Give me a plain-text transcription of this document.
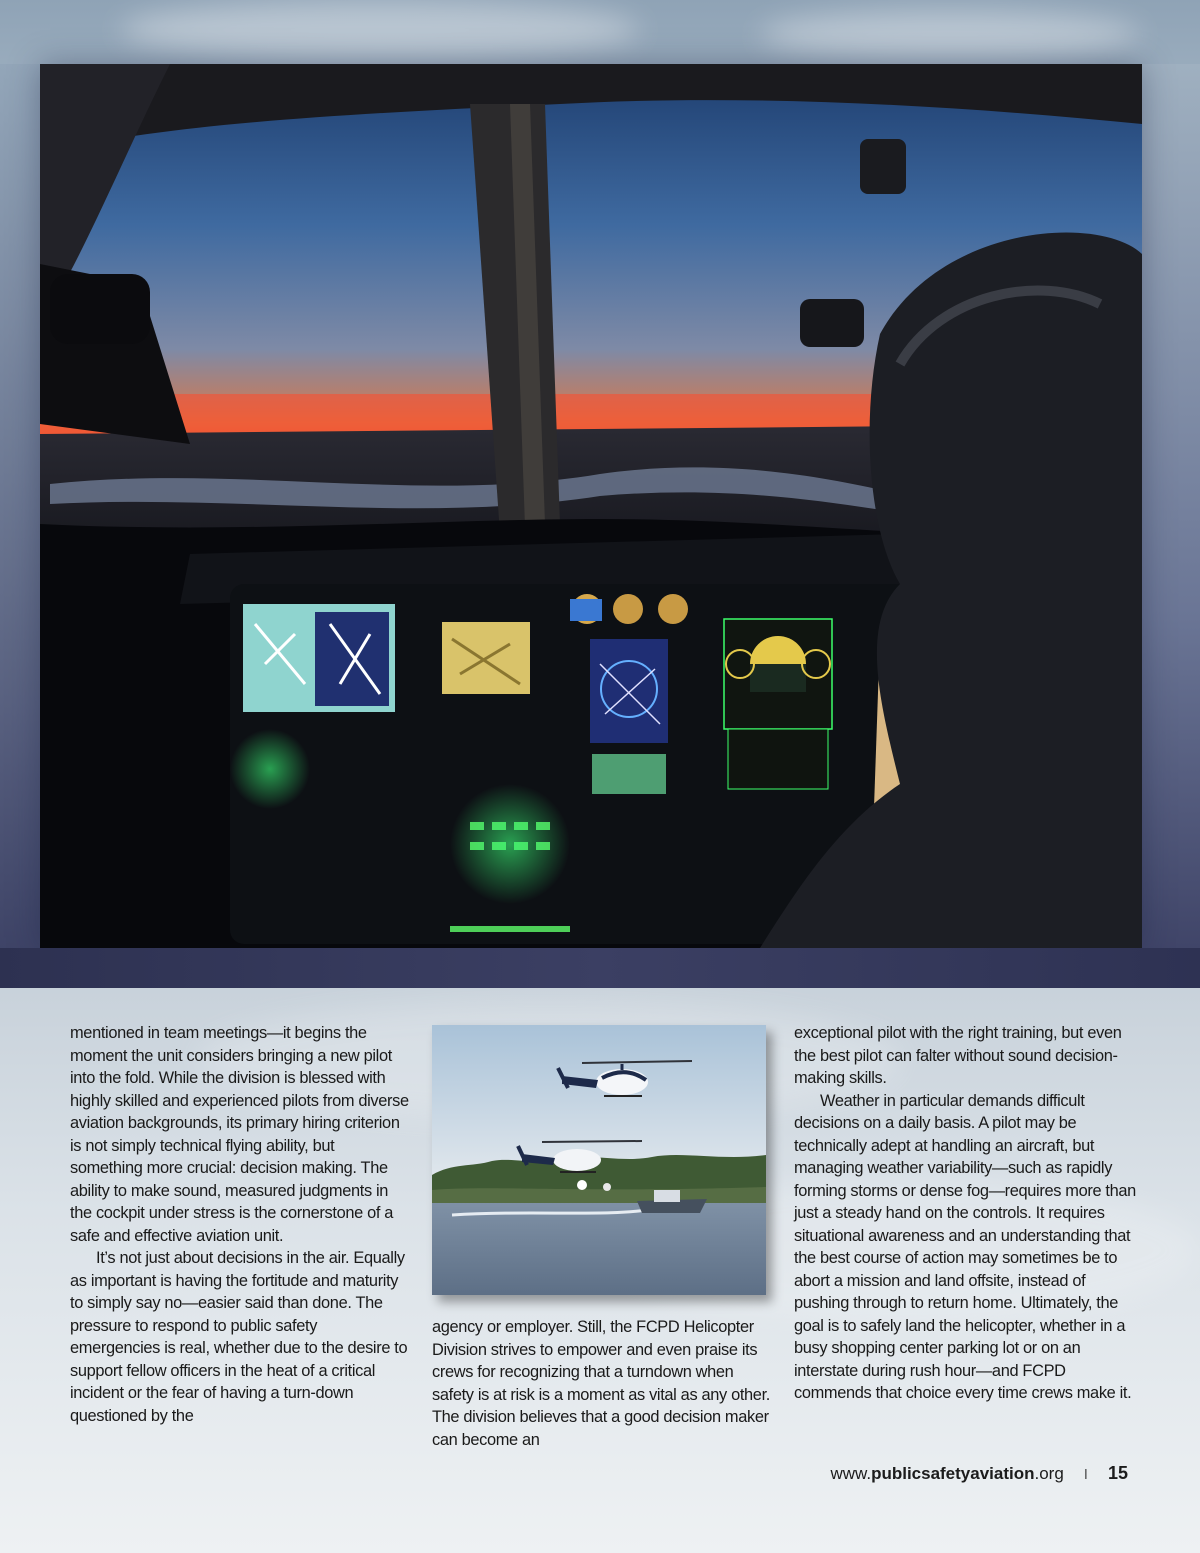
mentioned in team meetings—it begins the moment the unit considers bringing a new pilot into the fold. While the division is blessed with highly skilled and experienced pilots from diverse aviation backgrounds, its primary hiring criterion is not simply technical flying ability, but something more crucial: decision making. The ability to make sound, measured judgments in the cockpit under stress is the cornerstone of a safe and effective aviation unit.

It’s not just about decisions in the air. Equally as important is having the fortitude and maturity to simply say no—easier said than done. The pressure to respond to public safety emergencies is real, whether due to the desire to support fellow officers in the heat of a critical incident or the fear of having a turn-down questioned by the

agency or employer. Still, the FCPD Helicopter Division strives to empower and even praise its crews for recognizing that a turndown when safety is at risk is a moment as vital as any other. The division believes that a good decision maker can become an

exceptional pilot with the right training, but even the best pilot can falter without sound decision-making skills.

Weather in particular demands difficult decisions on a daily basis. A pilot may be technically adept at handling an aircraft, but managing weather variability—such as rapidly forming storms or dense fog—requires more than just a steady hand on the controls. It requires situational awareness and an understanding that the best course of action may sometimes be to abort a mission and land offsite, instead of pushing through to return home. Ultimately, the goal is to safely land the helicopter, whether in a busy shopping center parking lot or on an interstate during rush hour—and FCPD commends that choice every time crews make it.

www.publicsafetyaviation.org I 15
